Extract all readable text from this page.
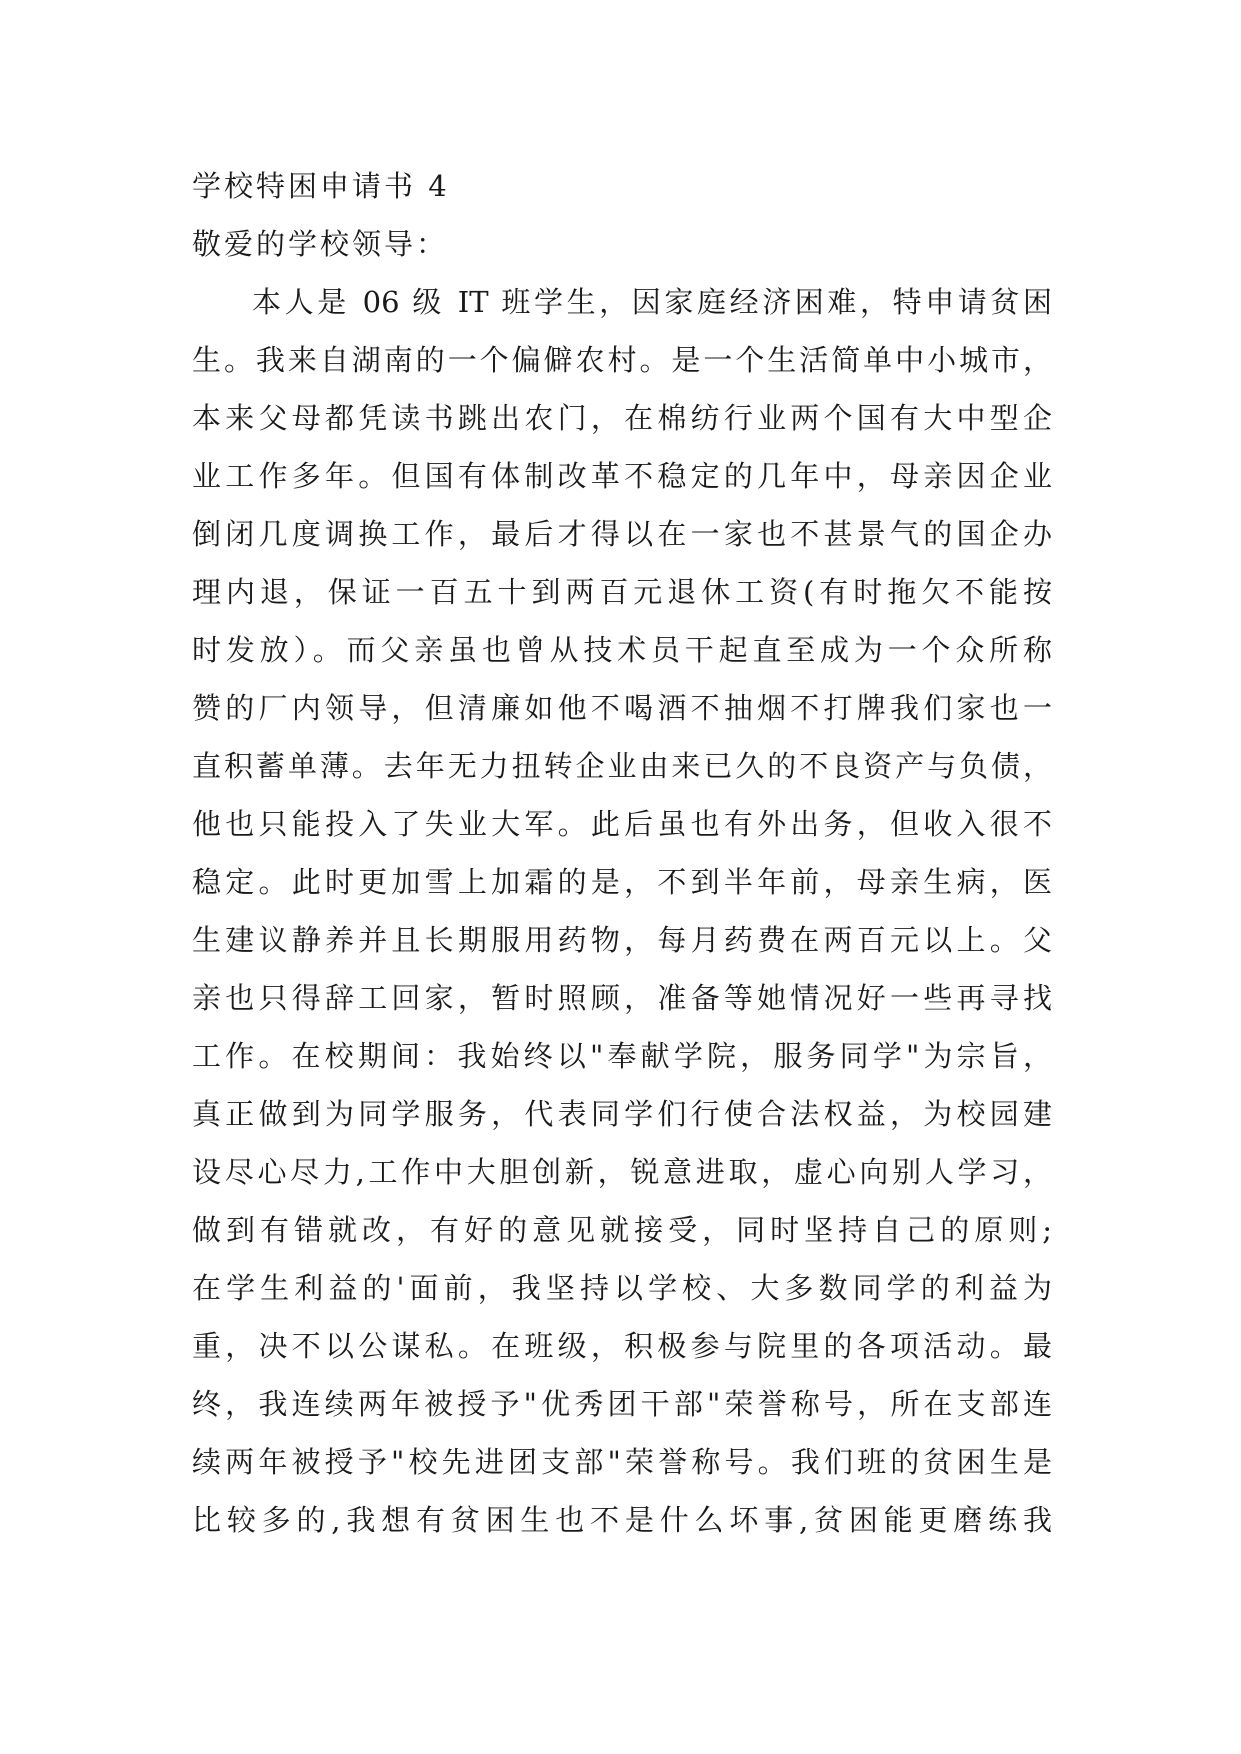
学校特困申请书 4
敬爱的学校领导：
本人是 06 级 IT 班学生，因家庭经济困难，特申请贫困
生。我来自湖南的一个偏僻农村。是一个生活简单中小城市，
本来父母都凭读书跳出农门，在棉纺行业两个国有大中型企
业工作多年。但国有体制改革不稳定的几年中，母亲因企业
倒闭几度调换工作，最后才得以在一家也不甚景气的国企办
理内退，保证一百五十到两百元退休工资(有时拖欠不能按
时发放）。而父亲虽也曾从技术员干起直至成为一个众所称
赞的厂内领导，但清廉如他不喝酒不抽烟不打牌我们家也一
直积蓄单薄。去年无力扭转企业由来已久的不良资产与负债，
他也只能投入了失业大军。此后虽也有外出务，但收入很不
稳定。此时更加雪上加霜的是，不到半年前，母亲生病，医
生建议静养并且长期服用药物，每月药费在两百元以上。父
亲也只得辞工回家，暂时照顾，准备等她情况好一些再寻找
工作。在校期间：我始终以"奉献学院，服务同学"为宗旨，
真正做到为同学服务，代表同学们行使合法权益，为校园建
设尽心尽力,工作中大胆创新，锐意进取，虚心向别人学习，
做到有错就改，有好的意见就接受，同时坚持自己的原则;
在学生利益的'面前，我坚持以学校、大多数同学的利益为
重，决不以公谋私。在班级，积极参与院里的各项活动。最
终，我连续两年被授予"优秀团干部"荣誉称号，所在支部连
续两年被授予"校先进团支部"荣誉称号。我们班的贫困生是
比较多的,我想有贫困生也不是什么坏事,贫困能更磨练我
